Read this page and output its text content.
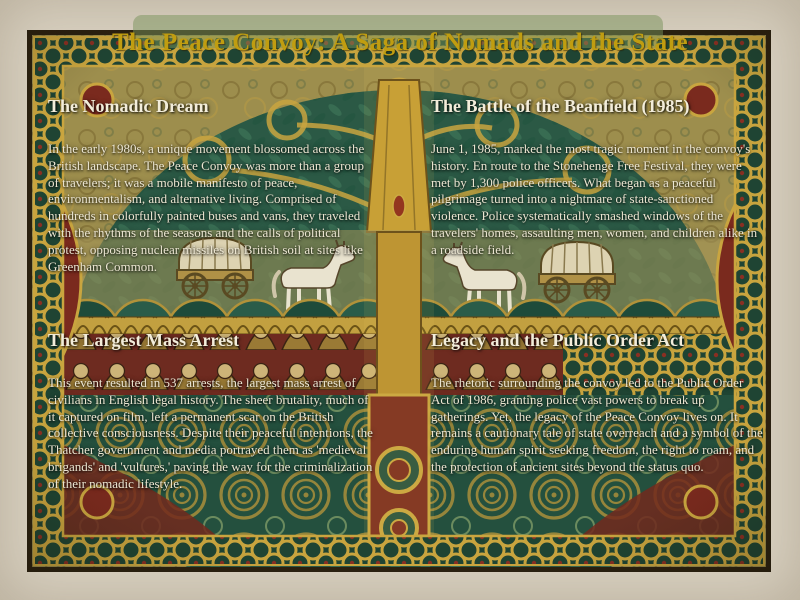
The Peace Convoy: A Saga of Nomads and the State
The Nomadic Dream

In the early 1980s, a unique movement blossomed across the British landscape. The Peace Convoy was more than a group of travelers; it was a mobile manifesto of peace, environmentalism, and alternative living. Comprised of hundreds in colorfully painted buses and vans, they traveled with the rhythms of the seasons and the calls of political protest, opposing nuclear missiles on British soil at sites like Greenham Common.

The Battle of the Beanfield (1985)

June 1, 1985, marked the most tragic moment in the convoy's history. En route to the Stonehenge Free Festival, they were met by 1,300 police officers. What began as a peaceful pilgrimage turned into a nightmare of state-sanctioned violence. Police systematically smashed windows of the travelers' homes, assaulting men, women, and children alike in a roadside field.

The Largest Mass Arrest

This event resulted in 537 arrests, the largest mass arrest of civilians in English legal history. The sheer brutality, much of it captured on film, left a permanent scar on the British collective consciousness. Despite their peaceful intentions, the Thatcher government and media portrayed them as 'medieval brigands' and 'vultures,' paving the way for the criminalization of their nomadic lifestyle.

Legacy and the Public Order Act

The rhetoric surrounding the convoy led to the Public Order Act of 1986, granting police vast powers to break up gatherings. Yet, the legacy of the Peace Convoy lives on. It remains a cautionary tale of state overreach and a symbol of the enduring human spirit seeking freedom, the right to roam, and the protection of ancient sites beyond the status quo.
